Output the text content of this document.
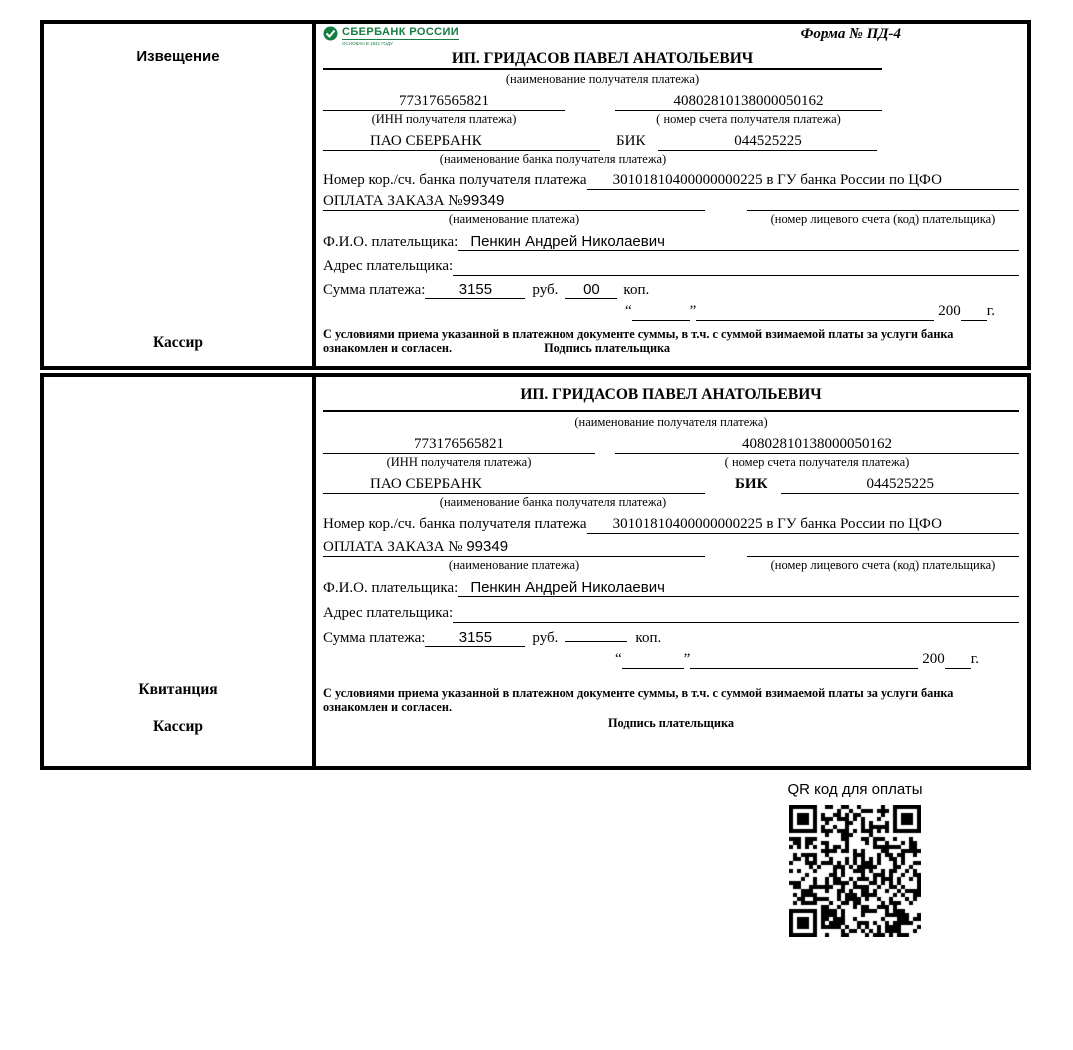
Извещение
Кассир
СБЕРБАНК РОССИИ
ОСНОВАН В 1841 ГОДУ
Форма № ПД-4
ИП. ГРИДАСОВ ПАВЕЛ АНАТОЛЬЕВИЧ
(наименование получателя платежа)
773176565821	40802810138000050162
(ИНН получателя платежа)	( номер счета получателя платежа)
ПАО СБЕРБАНК	БИК	044525225
(наименование банка получателя платежа)
Номер кор./сч. банка получателя платежа	30101810400000000225 в ГУ банка России по ЦФО
ОПЛАТА ЗАКАЗА №99349

(наименование платежа)	(номер лицевого счета (код) плательщика)
Ф.И.О. плательщика: Пенкин Андрей Николаевич
Адрес плательщика:

Сумма платежа:	3155	руб.	00	коп.
“
	”
	200
г.
С условиями приема указанной в платежном документе суммы, в т.ч. с суммой взимаемой платы за услуги банка
ознакомлен и согласен.	Подпись плательщика
Квитанция
Кассир
ИП. ГРИДАСОВ ПАВЕЛ АНАТОЛЬЕВИЧ
(наименование получателя платежа)
773176565821	40802810138000050162
(ИНН получателя платежа)	( номер счета получателя платежа)
ПАО СБЕРБАНК	БИК	044525225
(наименование банка получателя платежа)
Номер кор./сч. банка получателя платежа	30101810400000000225 в ГУ банка России по ЦФО
ОПЛАТА ЗАКАЗА № 99349

(наименование платежа)	(номер лицевого счета (код) плательщика)
Ф.И.О. плательщика: Пенкин Андрей Николаевич
Адрес плательщика:

Сумма платежа:	3155	руб.	коп.
“
	”
	200
г.
С условиями приема указанной в платежном документе суммы, в т.ч. с суммой взимаемой платы за услуги банка
ознакомлен и согласен.
Подпись плательщика
QR код для оплаты
